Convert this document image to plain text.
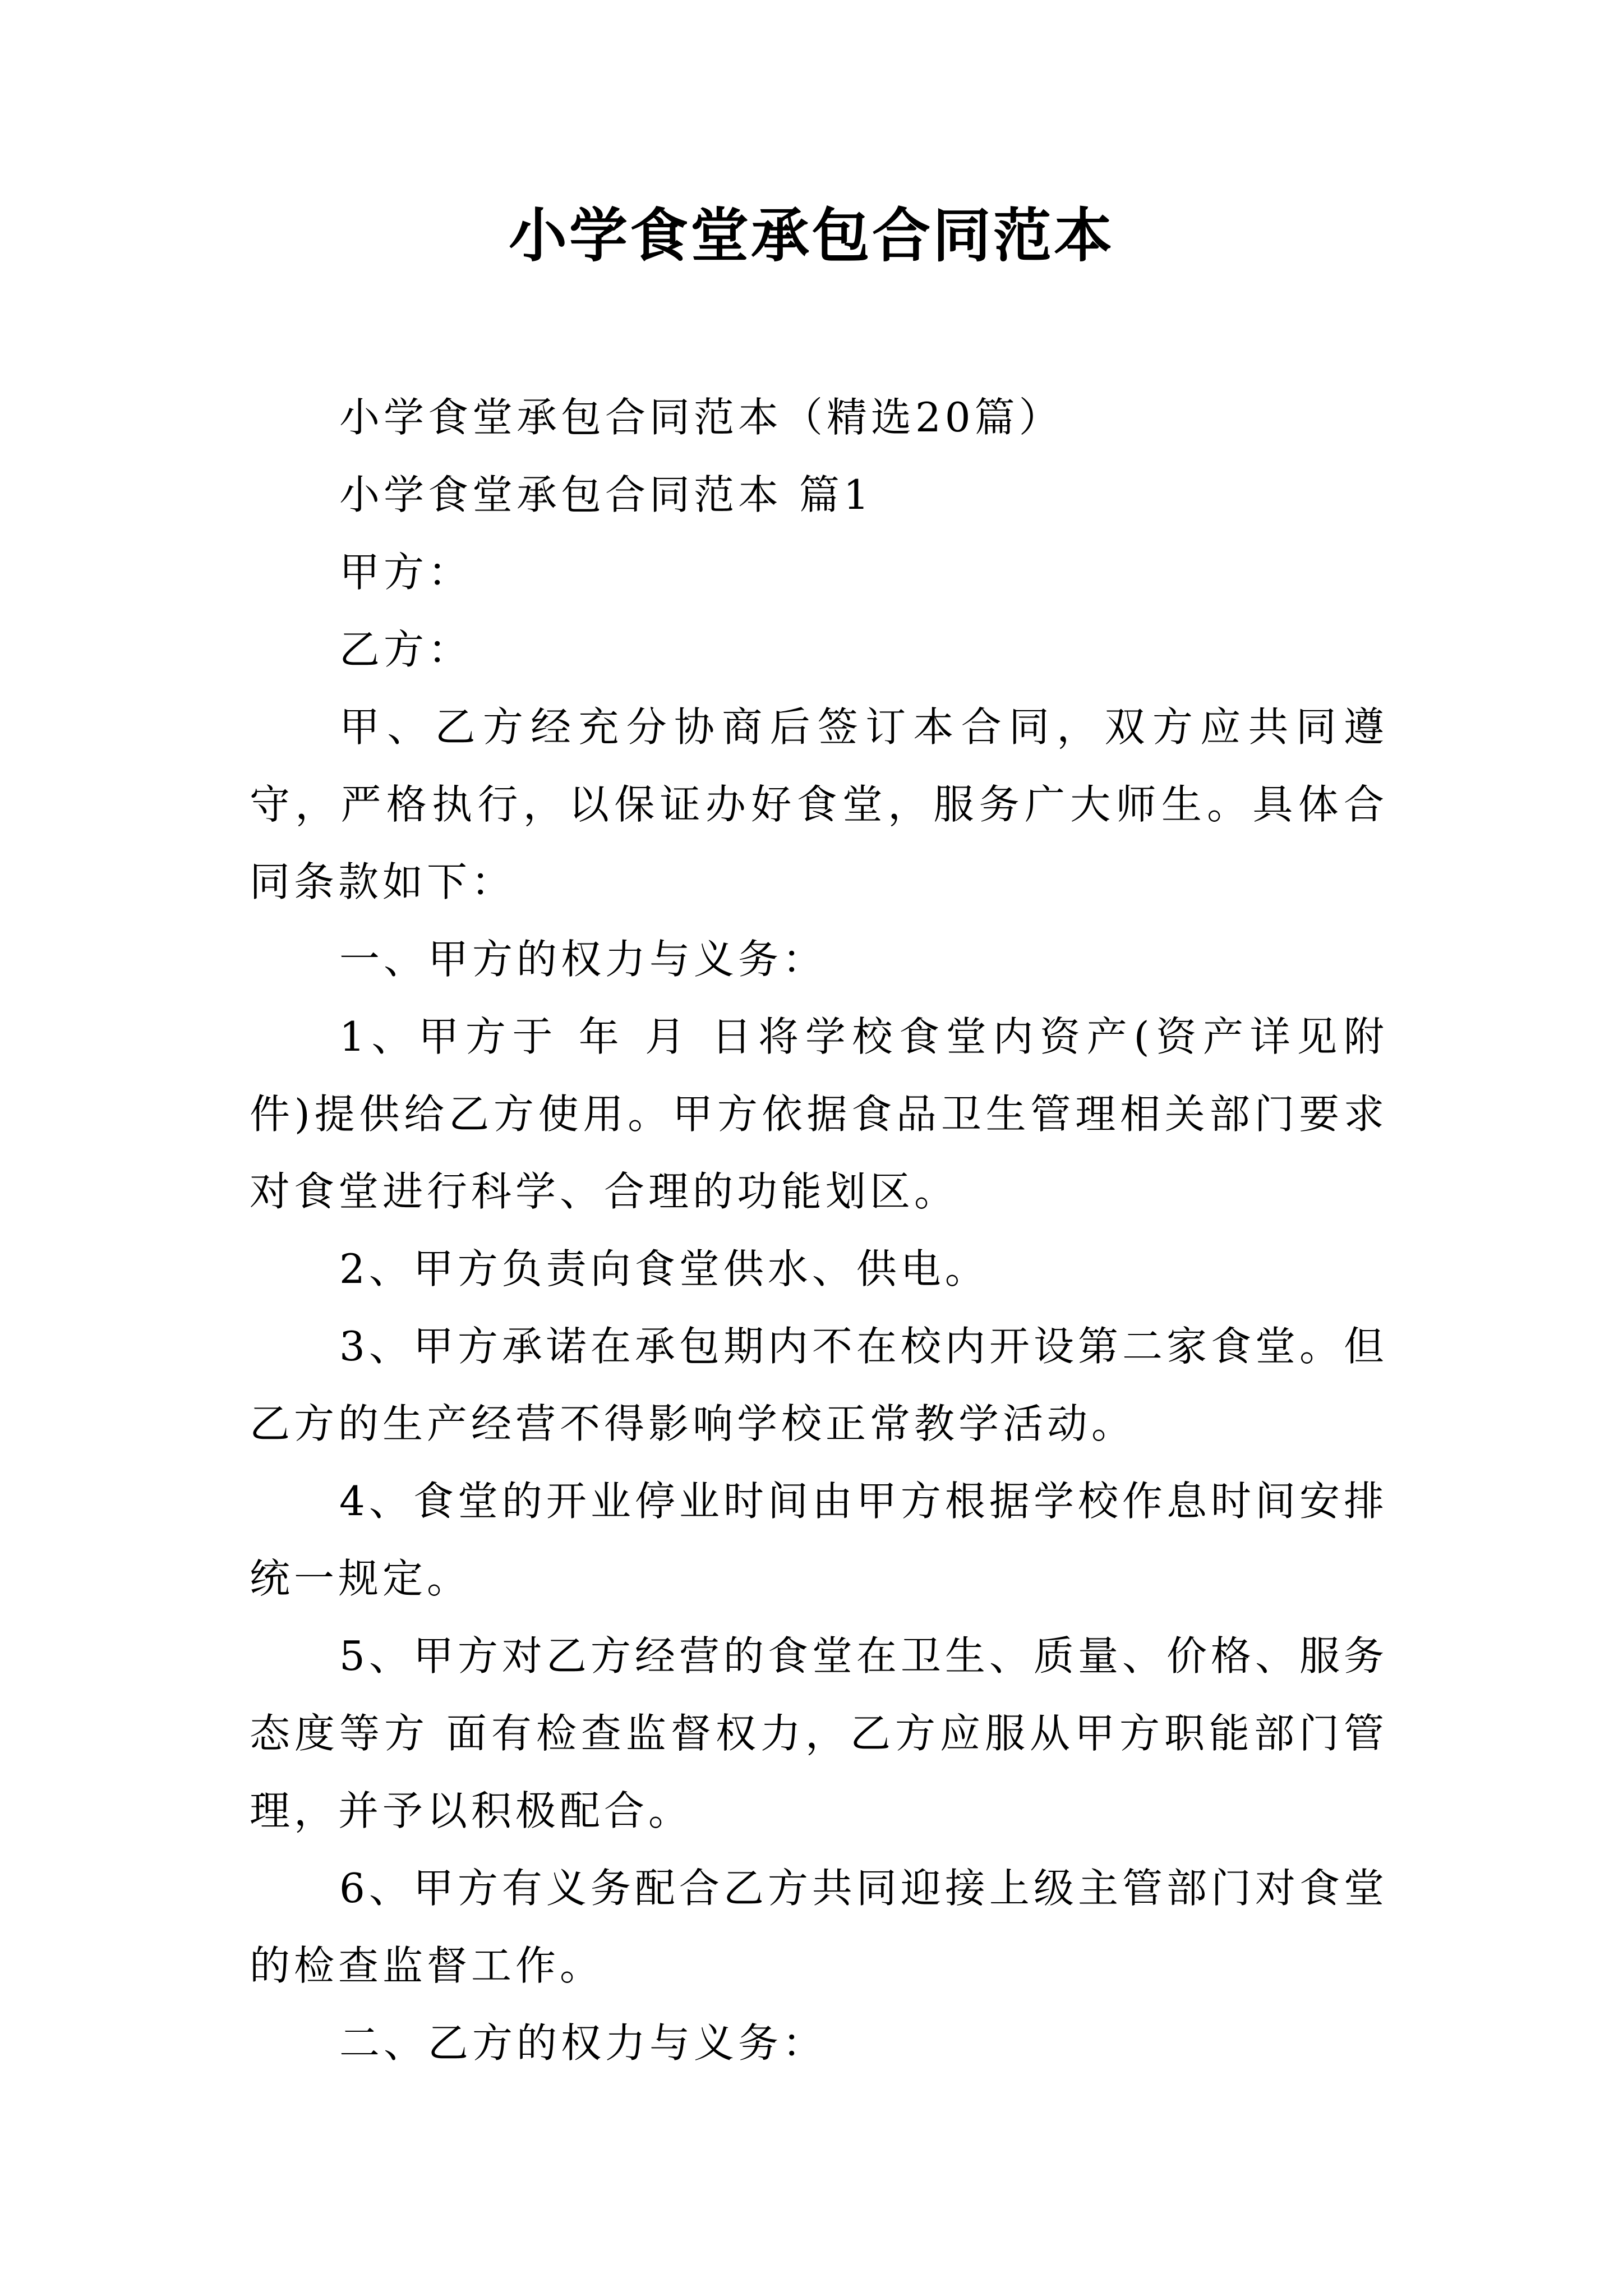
小学食堂承包合同范本

小学食堂承包合同范本（精选20篇）

小学食堂承包合同范本 篇1

甲方：

乙方：

甲、乙方经充分协商后签订本合同，双方应共同遵守，严格执行，以保证办好食堂，服务广大师生。具体合同条款如下：

一、甲方的权力与义务：

1、甲方于 年 月 日将学校食堂内资产(资产详见附件)提供给乙方使用。甲方依据食品卫生管理相关部门要求对食堂进行科学、合理的功能划区。

2、甲方负责向食堂供水、供电。

3、甲方承诺在承包期内不在校内开设第二家食堂。但乙方的生产经营不得影响学校正常教学活动。

4、食堂的开业停业时间由甲方根据学校作息时间安排统一规定。

5、甲方对乙方经营的食堂在卫生、质量、价格、服务态度等方 面有检查监督权力，乙方应服从甲方职能部门管理，并予以积极配合。

6、甲方有义务配合乙方共同迎接上级主管部门对食堂的检查监督工作。

二、乙方的权力与义务：
